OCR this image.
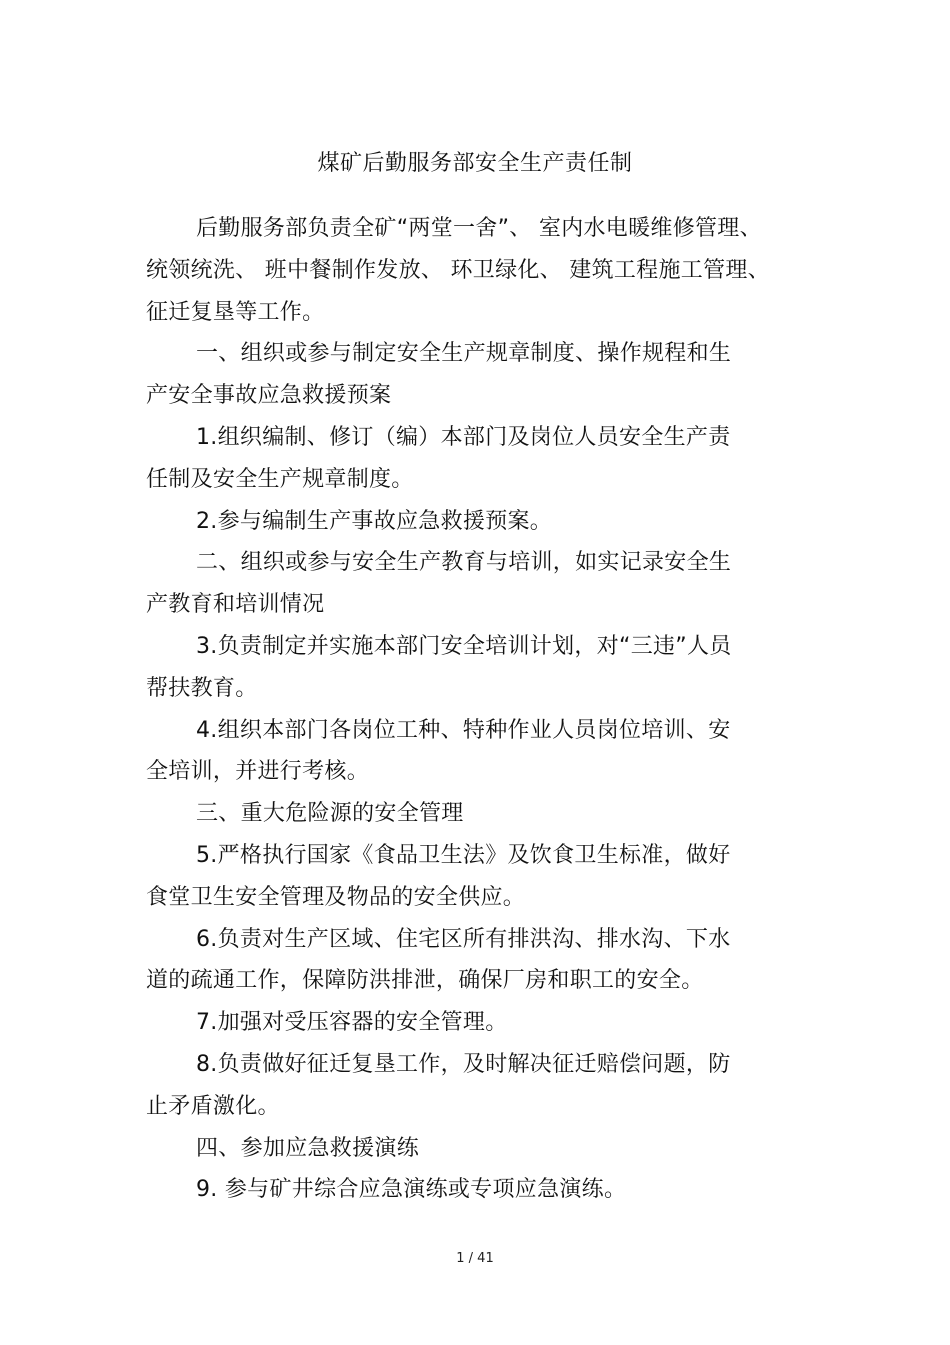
煤矿后勤服务部安全生产责任制

后勤服务部负责全矿“两堂一舍”、 室内水电暖维修管理、
统领统洗、 班中餐制作发放、 环卫绿化、 建筑工程施工管理、
征迁复垦等工作。

一、组织或参与制定安全生产规章制度、操作规程和生
产安全事故应急救援预案

1.组织编制、修订（编）本部门及岗位人员安全生产责
任制及安全生产规章制度。

2.参与编制生产事故应急救援预案。

二、组织或参与安全生产教育与培训，如实记录安全生
产教育和培训情况

3.负责制定并实施本部门安全培训计划，对“三违”人员
帮扶教育。

4.组织本部门各岗位工种、特种作业人员岗位培训、安
全培训，并进行考核。

三、重大危险源的安全管理

5.严格执行国家《食品卫生法》及饮食卫生标准，做好
食堂卫生安全管理及物品的安全供应。

6.负责对生产区域、住宅区所有排洪沟、排水沟、下水
道的疏通工作，保障防洪排泄，确保厂房和职工的安全。

7.加强对受压容器的安全管理。

8.负责做好征迁复垦工作，及时解决征迁赔偿问题，防
止矛盾激化。

四、参加应急救援演练

9. 参与矿井综合应急演练或专项应急演练。

1 / 41
